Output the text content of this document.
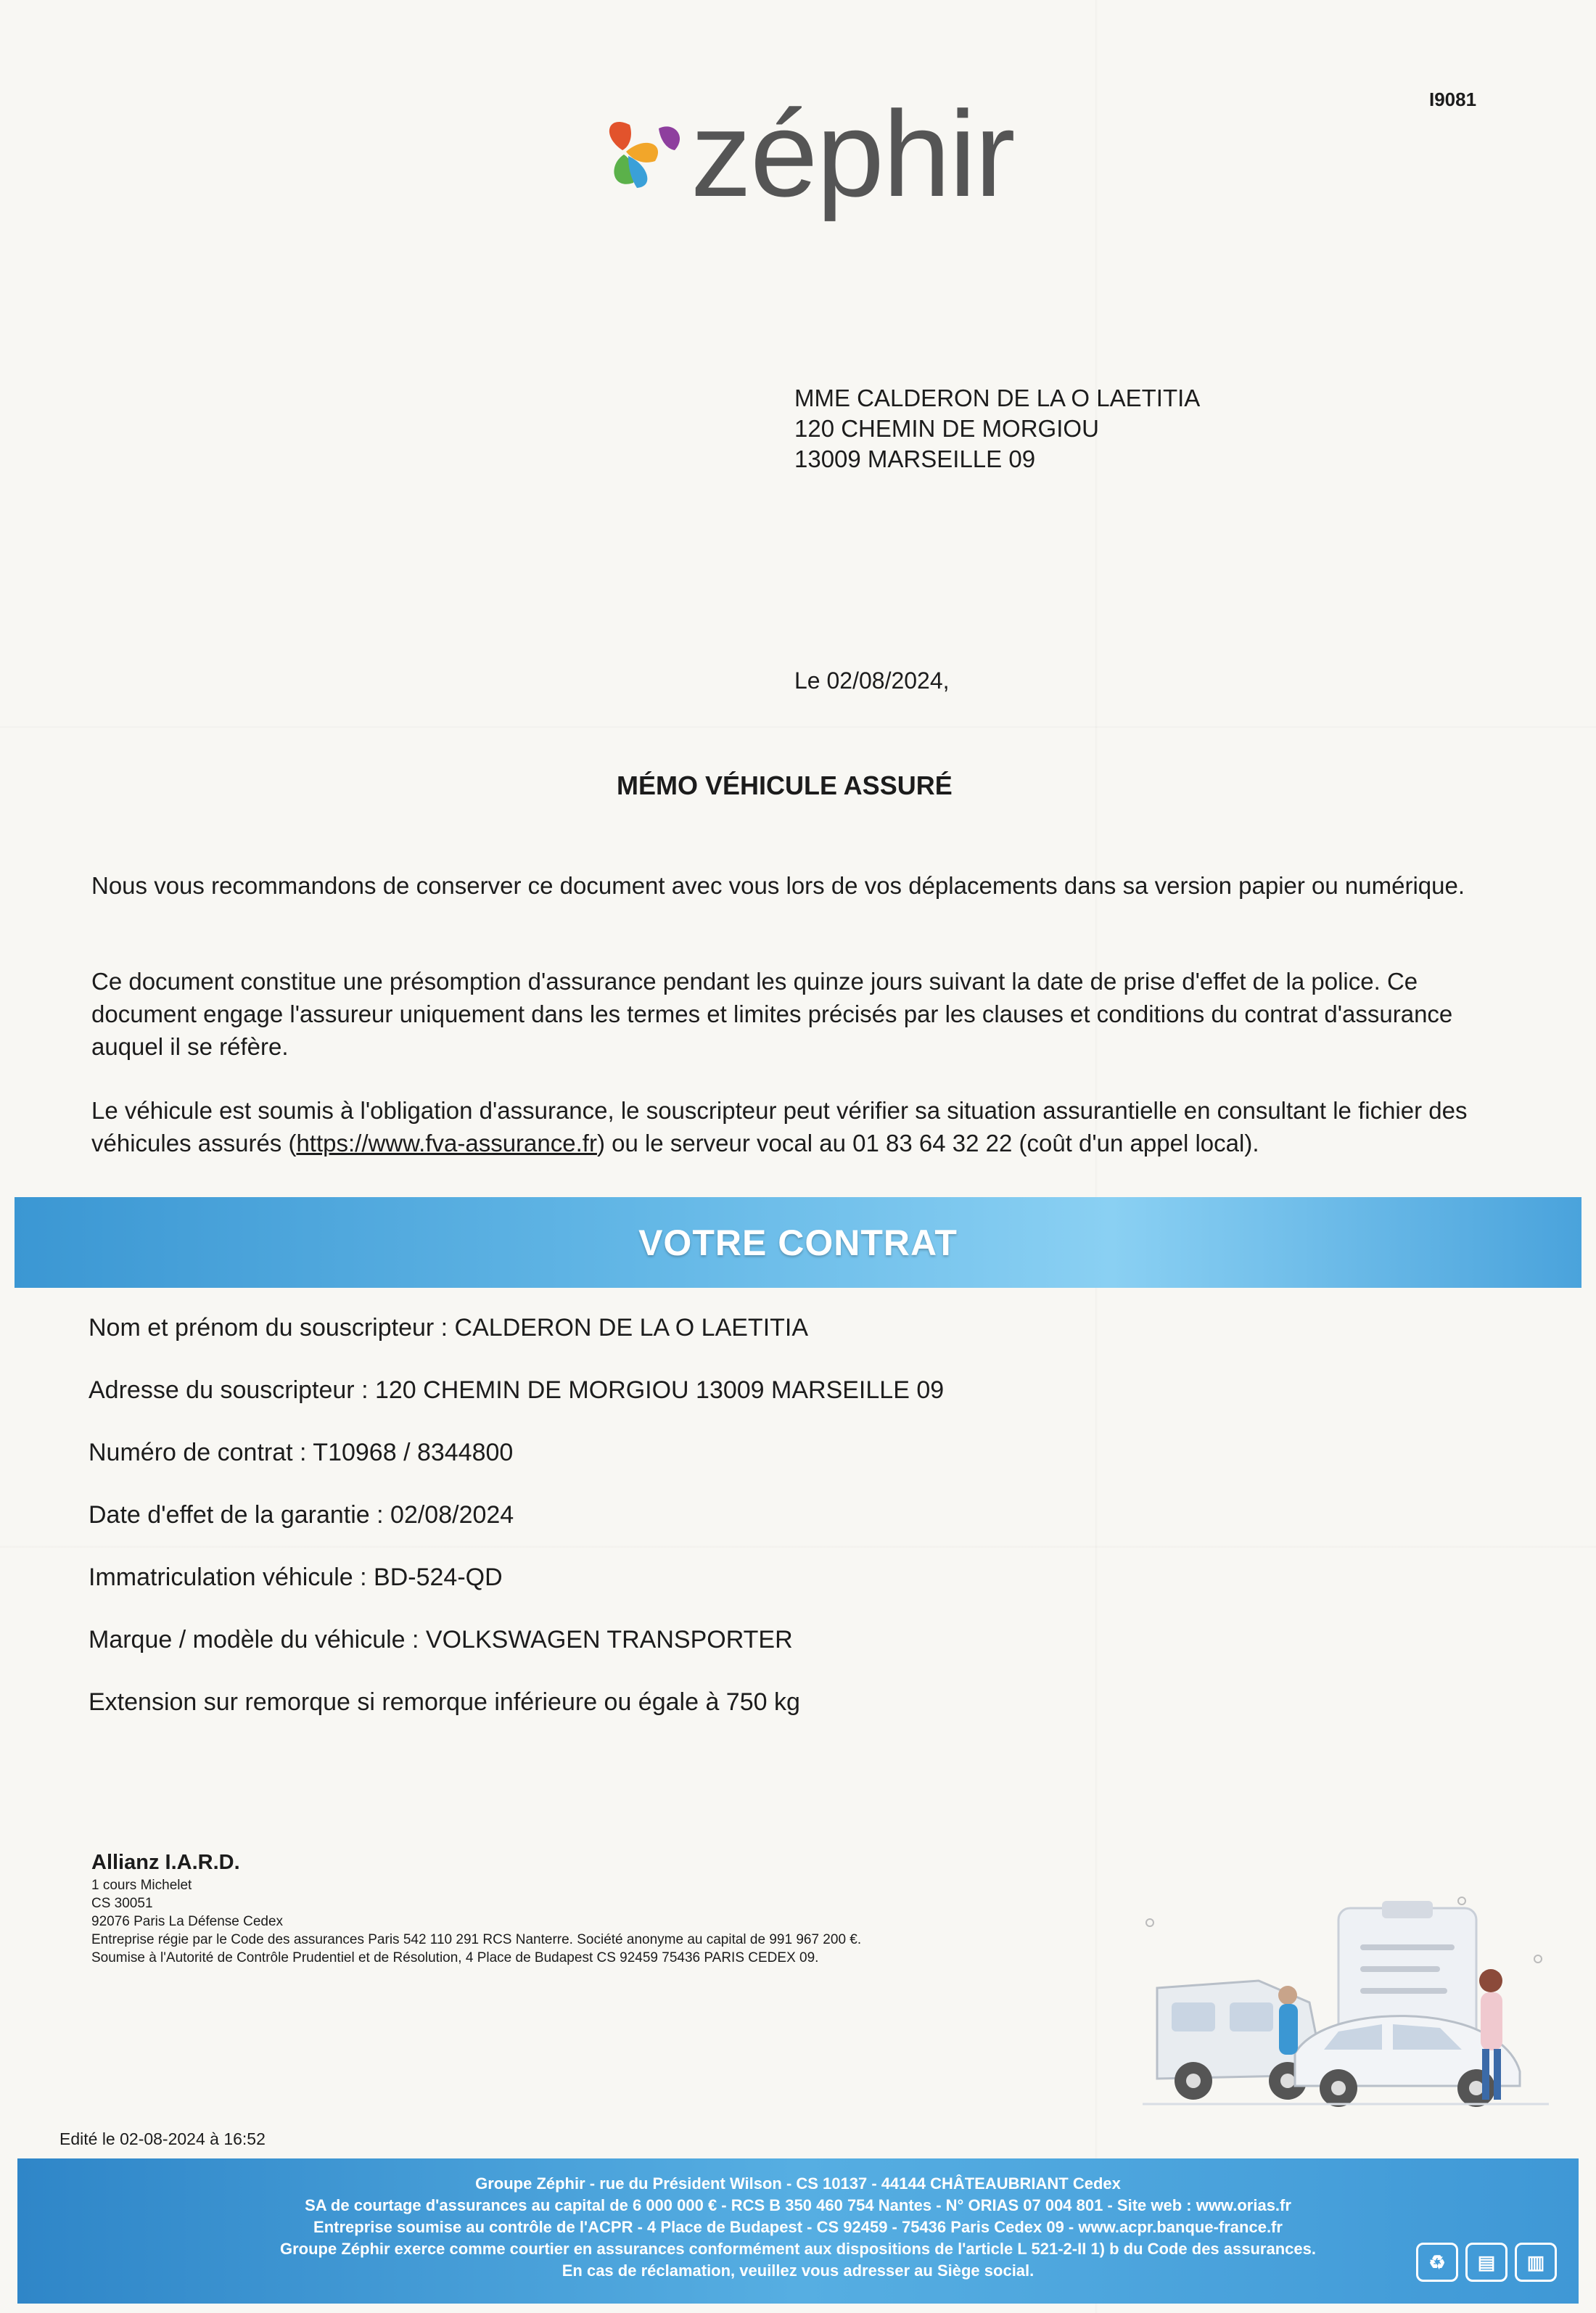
I9081
zéphir
MME CALDERON DE LA O LAETITIA
120 CHEMIN DE MORGIOU
13009 MARSEILLE 09
Le 02/08/2024,
MÉMO VÉHICULE ASSURÉ
Nous vous recommandons de conserver ce document avec vous lors de vos déplacements dans sa version papier ou numérique.
Ce document constitue une présomption d'assurance pendant les quinze jours suivant la date de prise d'effet de la police. Ce document engage l'assureur uniquement dans les termes et limites précisés par les clauses et conditions du contrat d'assurance auquel il se réfère.
Le véhicule est soumis à l'obligation d'assurance, le souscripteur peut vérifier sa situation assurantielle en consultant le fichier des véhicules assurés (https://www.fva-assurance.fr) ou le serveur vocal au 01 83 64 32 22 (coût d'un appel local).
VOTRE CONTRAT
Nom et prénom du souscripteur : CALDERON DE LA O LAETITIA
Adresse du souscripteur : 120 CHEMIN DE MORGIOU 13009 MARSEILLE 09
Numéro de contrat : T10968 / 8344800
Date d'effet de la garantie : 02/08/2024
Immatriculation véhicule : BD-524-QD
Marque / modèle du véhicule : VOLKSWAGEN TRANSPORTER
Extension sur remorque si remorque inférieure ou égale à 750 kg
Allianz I.A.R.D.
1 cours Michelet
CS 30051
92076 Paris La Défense Cedex
Entreprise régie par le Code des assurances Paris 542 110 291 RCS Nanterre. Société anonyme au capital de 991 967 200 €.
Soumise à l'Autorité de Contrôle Prudentiel et de Résolution, 4 Place de Budapest CS 92459 75436 PARIS CEDEX 09.
Edité le 02-08-2024 à 16:52
Groupe Zéphir - rue du Président Wilson - CS 10137 - 44144 CHÂTEAUBRIANT Cedex
SA de courtage d'assurances au capital de 6 000 000 € - RCS B 350 460 754 Nantes - N° ORIAS 07 004 801 - Site web : www.orias.fr
Entreprise soumise au contrôle de l'ACPR - 4 Place de Budapest - CS 92459 - 75436 Paris Cedex 09 - www.acpr.banque-france.fr
Groupe Zéphir exerce comme courtier en assurances conformément aux dispositions de l'article L 521-2-II 1) b du Code des assurances.
En cas de réclamation, veuillez vous adresser au Siège social.	♻	▤	▥
